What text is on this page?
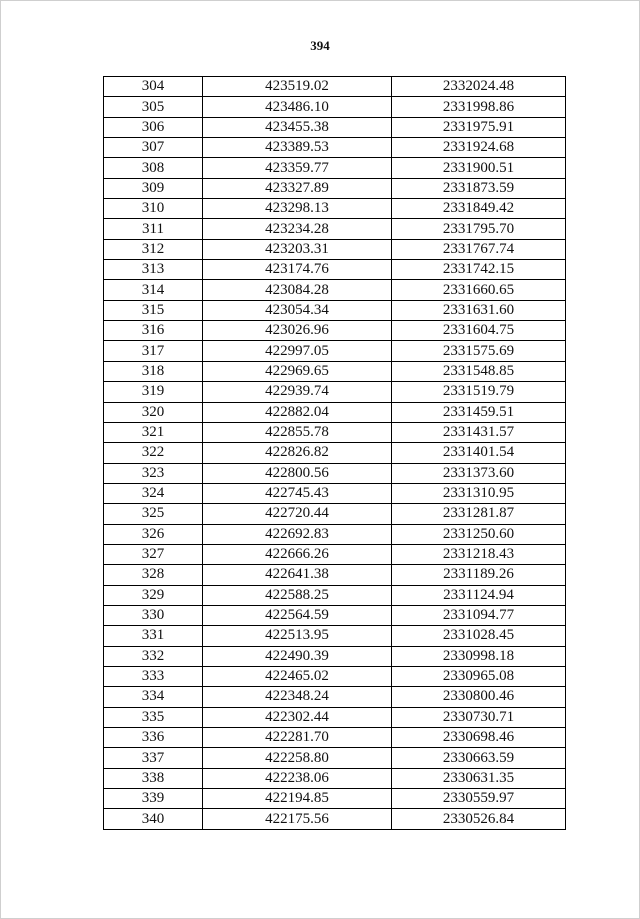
394
304	423519.02	2332024.48
305	423486.10	2331998.86
306	423455.38	2331975.91
307	423389.53	2331924.68
308	423359.77	2331900.51
309	423327.89	2331873.59
310	423298.13	2331849.42
311	423234.28	2331795.70
312	423203.31	2331767.74
313	423174.76	2331742.15
314	423084.28	2331660.65
315	423054.34	2331631.60
316	423026.96	2331604.75
317	422997.05	2331575.69
318	422969.65	2331548.85
319	422939.74	2331519.79
320	422882.04	2331459.51
321	422855.78	2331431.57
322	422826.82	2331401.54
323	422800.56	2331373.60
324	422745.43	2331310.95
325	422720.44	2331281.87
326	422692.83	2331250.60
327	422666.26	2331218.43
328	422641.38	2331189.26
329	422588.25	2331124.94
330	422564.59	2331094.77
331	422513.95	2331028.45
332	422490.39	2330998.18
333	422465.02	2330965.08
334	422348.24	2330800.46
335	422302.44	2330730.71
336	422281.70	2330698.46
337	422258.80	2330663.59
338	422238.06	2330631.35
339	422194.85	2330559.97
340	422175.56	2330526.84
